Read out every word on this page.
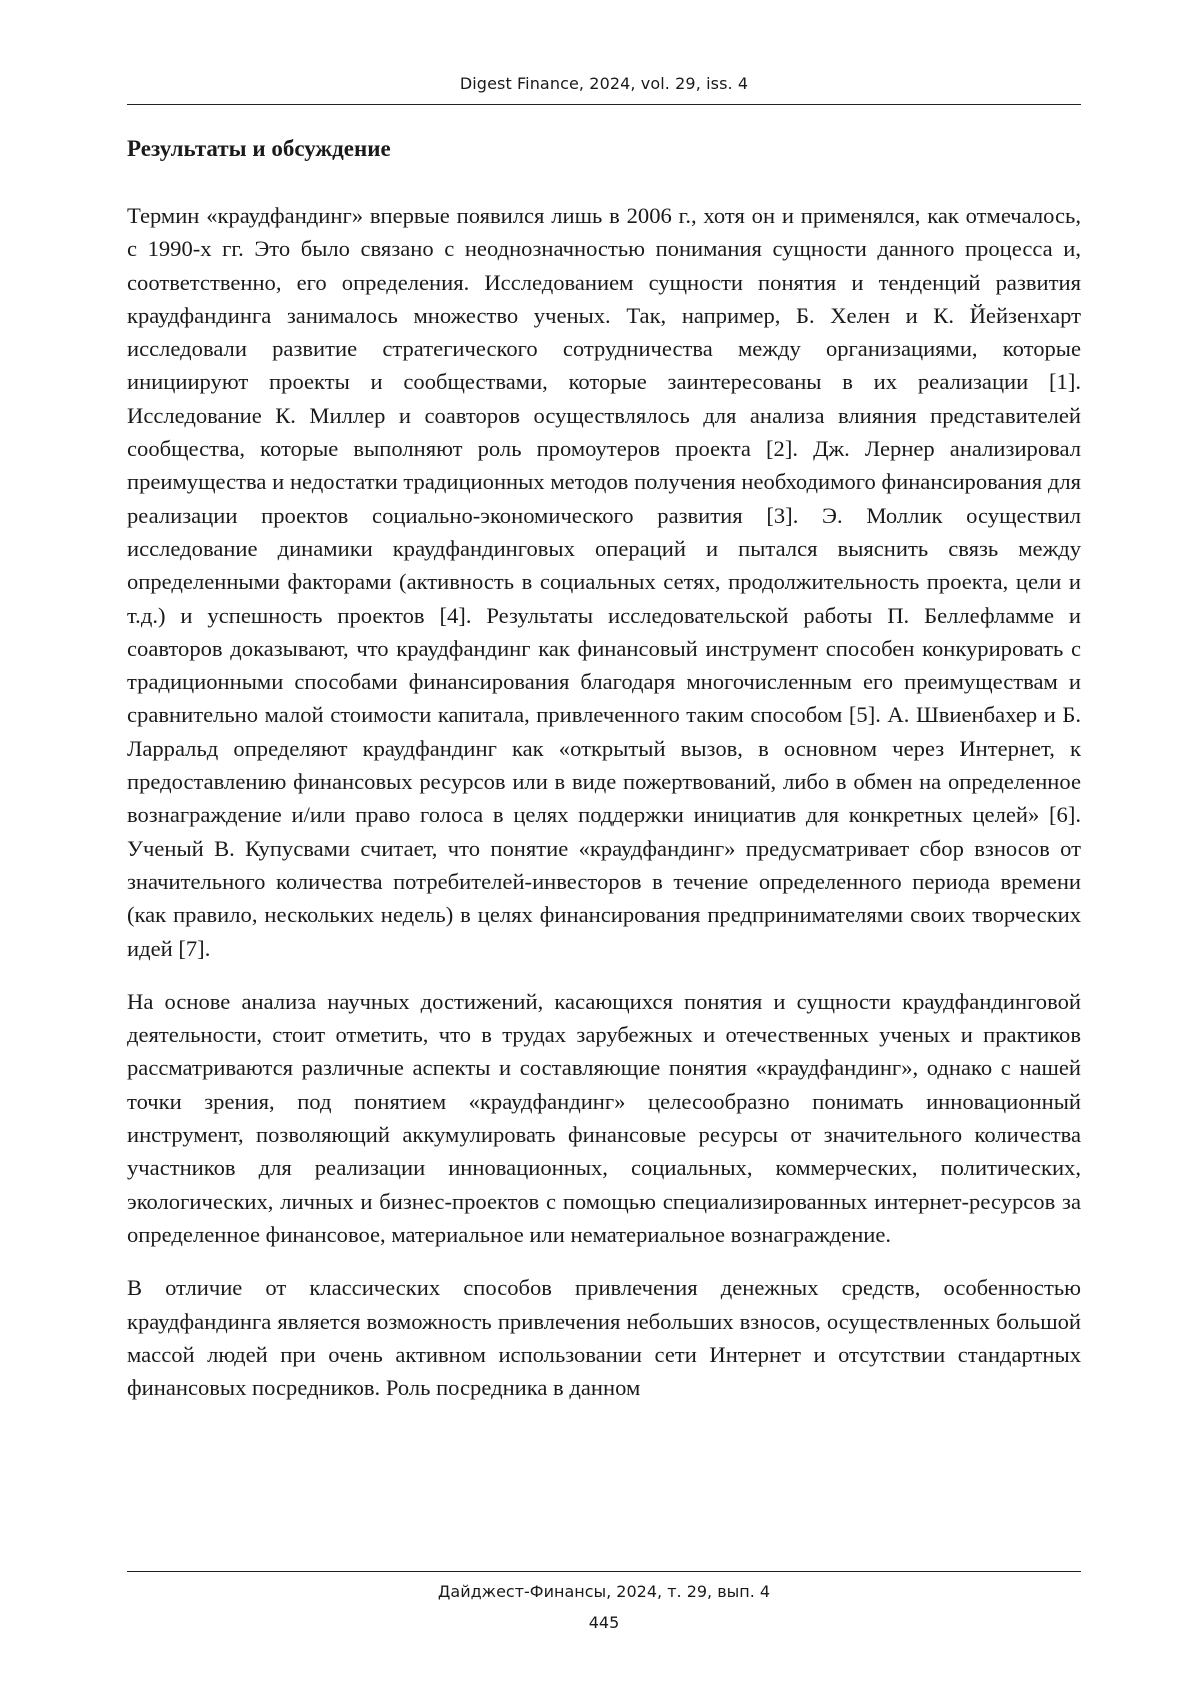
Digest Finance, 2024, vol. 29, iss. 4
Результаты и обсуждение

Термин «краудфандинг» впервые появился лишь в 2006 г., хотя он и применялся, как отмечалось, с 1990-х гг. Это было связано с неоднозначностью понимания сущности данного процесса и, соответственно, его определения. Исследованием сущности понятия и тенденций развития краудфандинга занималось множество ученых. Так, например, Б. Хелен и К. Йейзенхарт исследовали развитие стратегического сотрудничества между организациями, которые инициируют проекты и сообществами, которые заинтересованы в их реализации [1]. Исследование К. Миллер и соавторов осуществлялось для анализа влияния представителей сообщества, которые выполняют роль промоутеров проекта [2]. Дж. Лернер анализировал преимущества и недостатки традиционных методов получения необходимого финансирования для реализации проектов социально-экономического развития [3]. Э. Моллик осуществил исследование динамики краудфандинговых операций и пытался выяснить связь между определенными факторами (активность в социальных сетях, продолжительность проекта, цели и т.д.) и успешность проектов [4]. Результаты исследовательской работы П. Беллефламме и соавторов доказывают, что краудфандинг как финансовый инструмент способен конкурировать с традиционными способами финансирования благодаря многочисленным его преимуществам и сравнительно малой стоимости капитала, привлеченного таким способом [5]. А. Швиенбахер и Б. Ларральд определяют краудфандинг как «открытый вызов, в основном через Интернет, к предоставлению финансовых ресурсов или в виде пожертвований, либо в обмен на определенное вознаграждение и/или право голоса в целях поддержки инициатив для конкретных целей» [6]. Ученый В. Купусвами считает, что понятие «краудфандинг» предусматривает сбор взносов от значительного количества потребителей-инвесторов в течение определенного периода времени (как правило, нескольких недель) в целях финансирования предпринимателями своих творческих идей [7].

На основе анализа научных достижений, касающихся понятия и сущности краудфандинговой деятельности, стоит отметить, что в трудах зарубежных и отечественных ученых и практиков рассматриваются различные аспекты и составляющие понятия «краудфандинг», однако с нашей точки зрения, под понятием «краудфандинг» целесообразно понимать инновационный инструмент, позволяющий аккумулировать финансовые ресурсы от значительного количества участников для реализации инновационных, социальных, коммерческих, политических, экологических, личных и бизнес-проектов с помощью специализированных интернет-ресурсов за определенное финансовое, материальное или нематериальное вознаграждение.

В отличие от классических способов привлечения денежных средств, особенностью краудфандинга является возможность привлечения небольших взносов, осуществленных большой массой людей при очень активном использовании сети Интернет и отсутствии стандартных финансовых посредников. Роль посредника в данном

Дайджест-Финансы, 2024, т. 29, вып. 4
445
